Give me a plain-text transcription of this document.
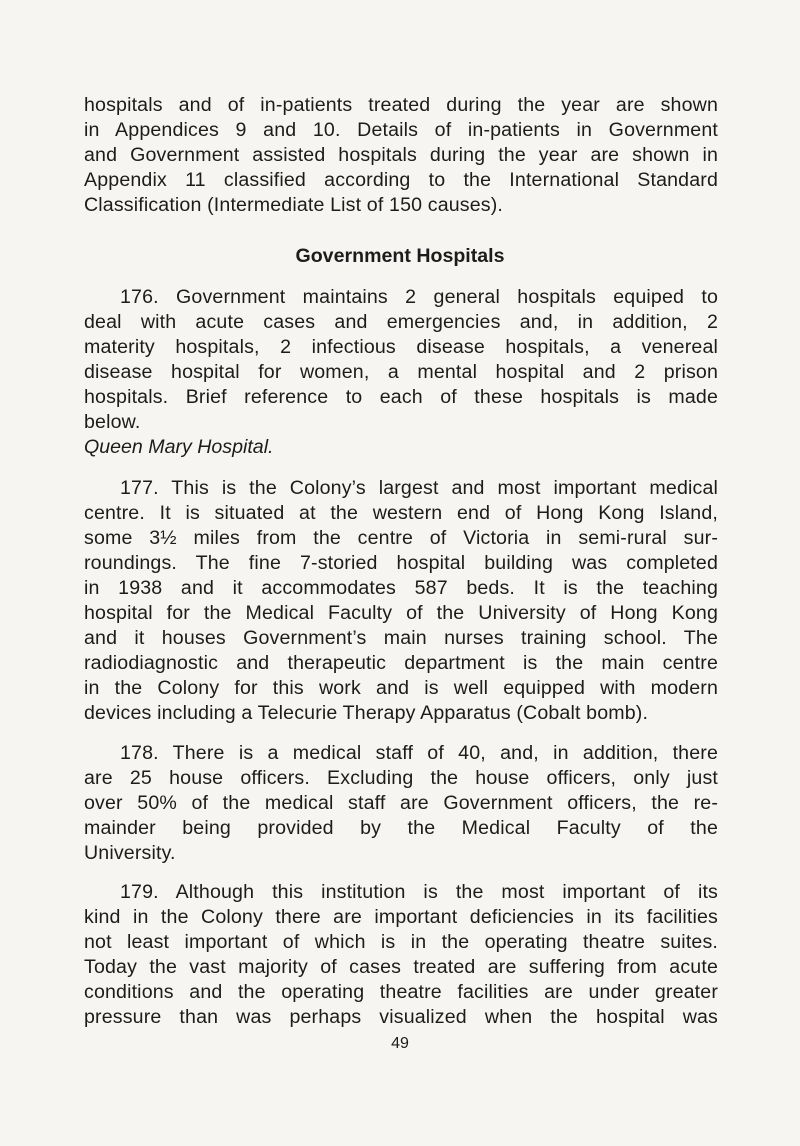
hospitals and of in-patients treated during the year are shown
in Appendices 9 and 10. Details of in-patients in Government
and Government assisted hospitals during the year are shown in
Appendix 11 classified according to the International Standard
Classification (Intermediate List of 150 causes).
Government Hospitals
176. Government maintains 2 general hospitals equiped to
deal with acute cases and emergencies and, in addition, 2
materity hospitals, 2 infectious disease hospitals, a venereal
disease hospital for women, a mental hospital and 2 prison
hospitals. Brief reference to each of these hospitals is made
below.
Queen Mary Hospital.
177. This is the Colony’s largest and most important medical
centre. It is situated at the western end of Hong Kong Island,
some 3½ miles from the centre of Victoria in semi-rural sur-
roundings. The fine 7-storied hospital building was completed
in 1938 and it accommodates 587 beds. It is the teaching
hospital for the Medical Faculty of the University of Hong Kong
and it houses Government’s main nurses training school. The
radiodiagnostic and therapeutic department is the main centre
in the Colony for this work and is well equipped with modern
devices including a Telecurie Therapy Apparatus (Cobalt bomb).
178. There is a medical staff of 40, and, in addition, there
are 25 house officers. Excluding the house officers, only just
over 50% of the medical staff are Government officers, the re-
mainder being provided by the Medical Faculty of the
University.
179. Although this institution is the most important of its
kind in the Colony there are important deficiencies in its facilities
not least important of which is in the operating theatre suites.
Today the vast majority of cases treated are suffering from acute
conditions and the operating theatre facilities are under greater
pressure than was perhaps visualized when the hospital was
49
